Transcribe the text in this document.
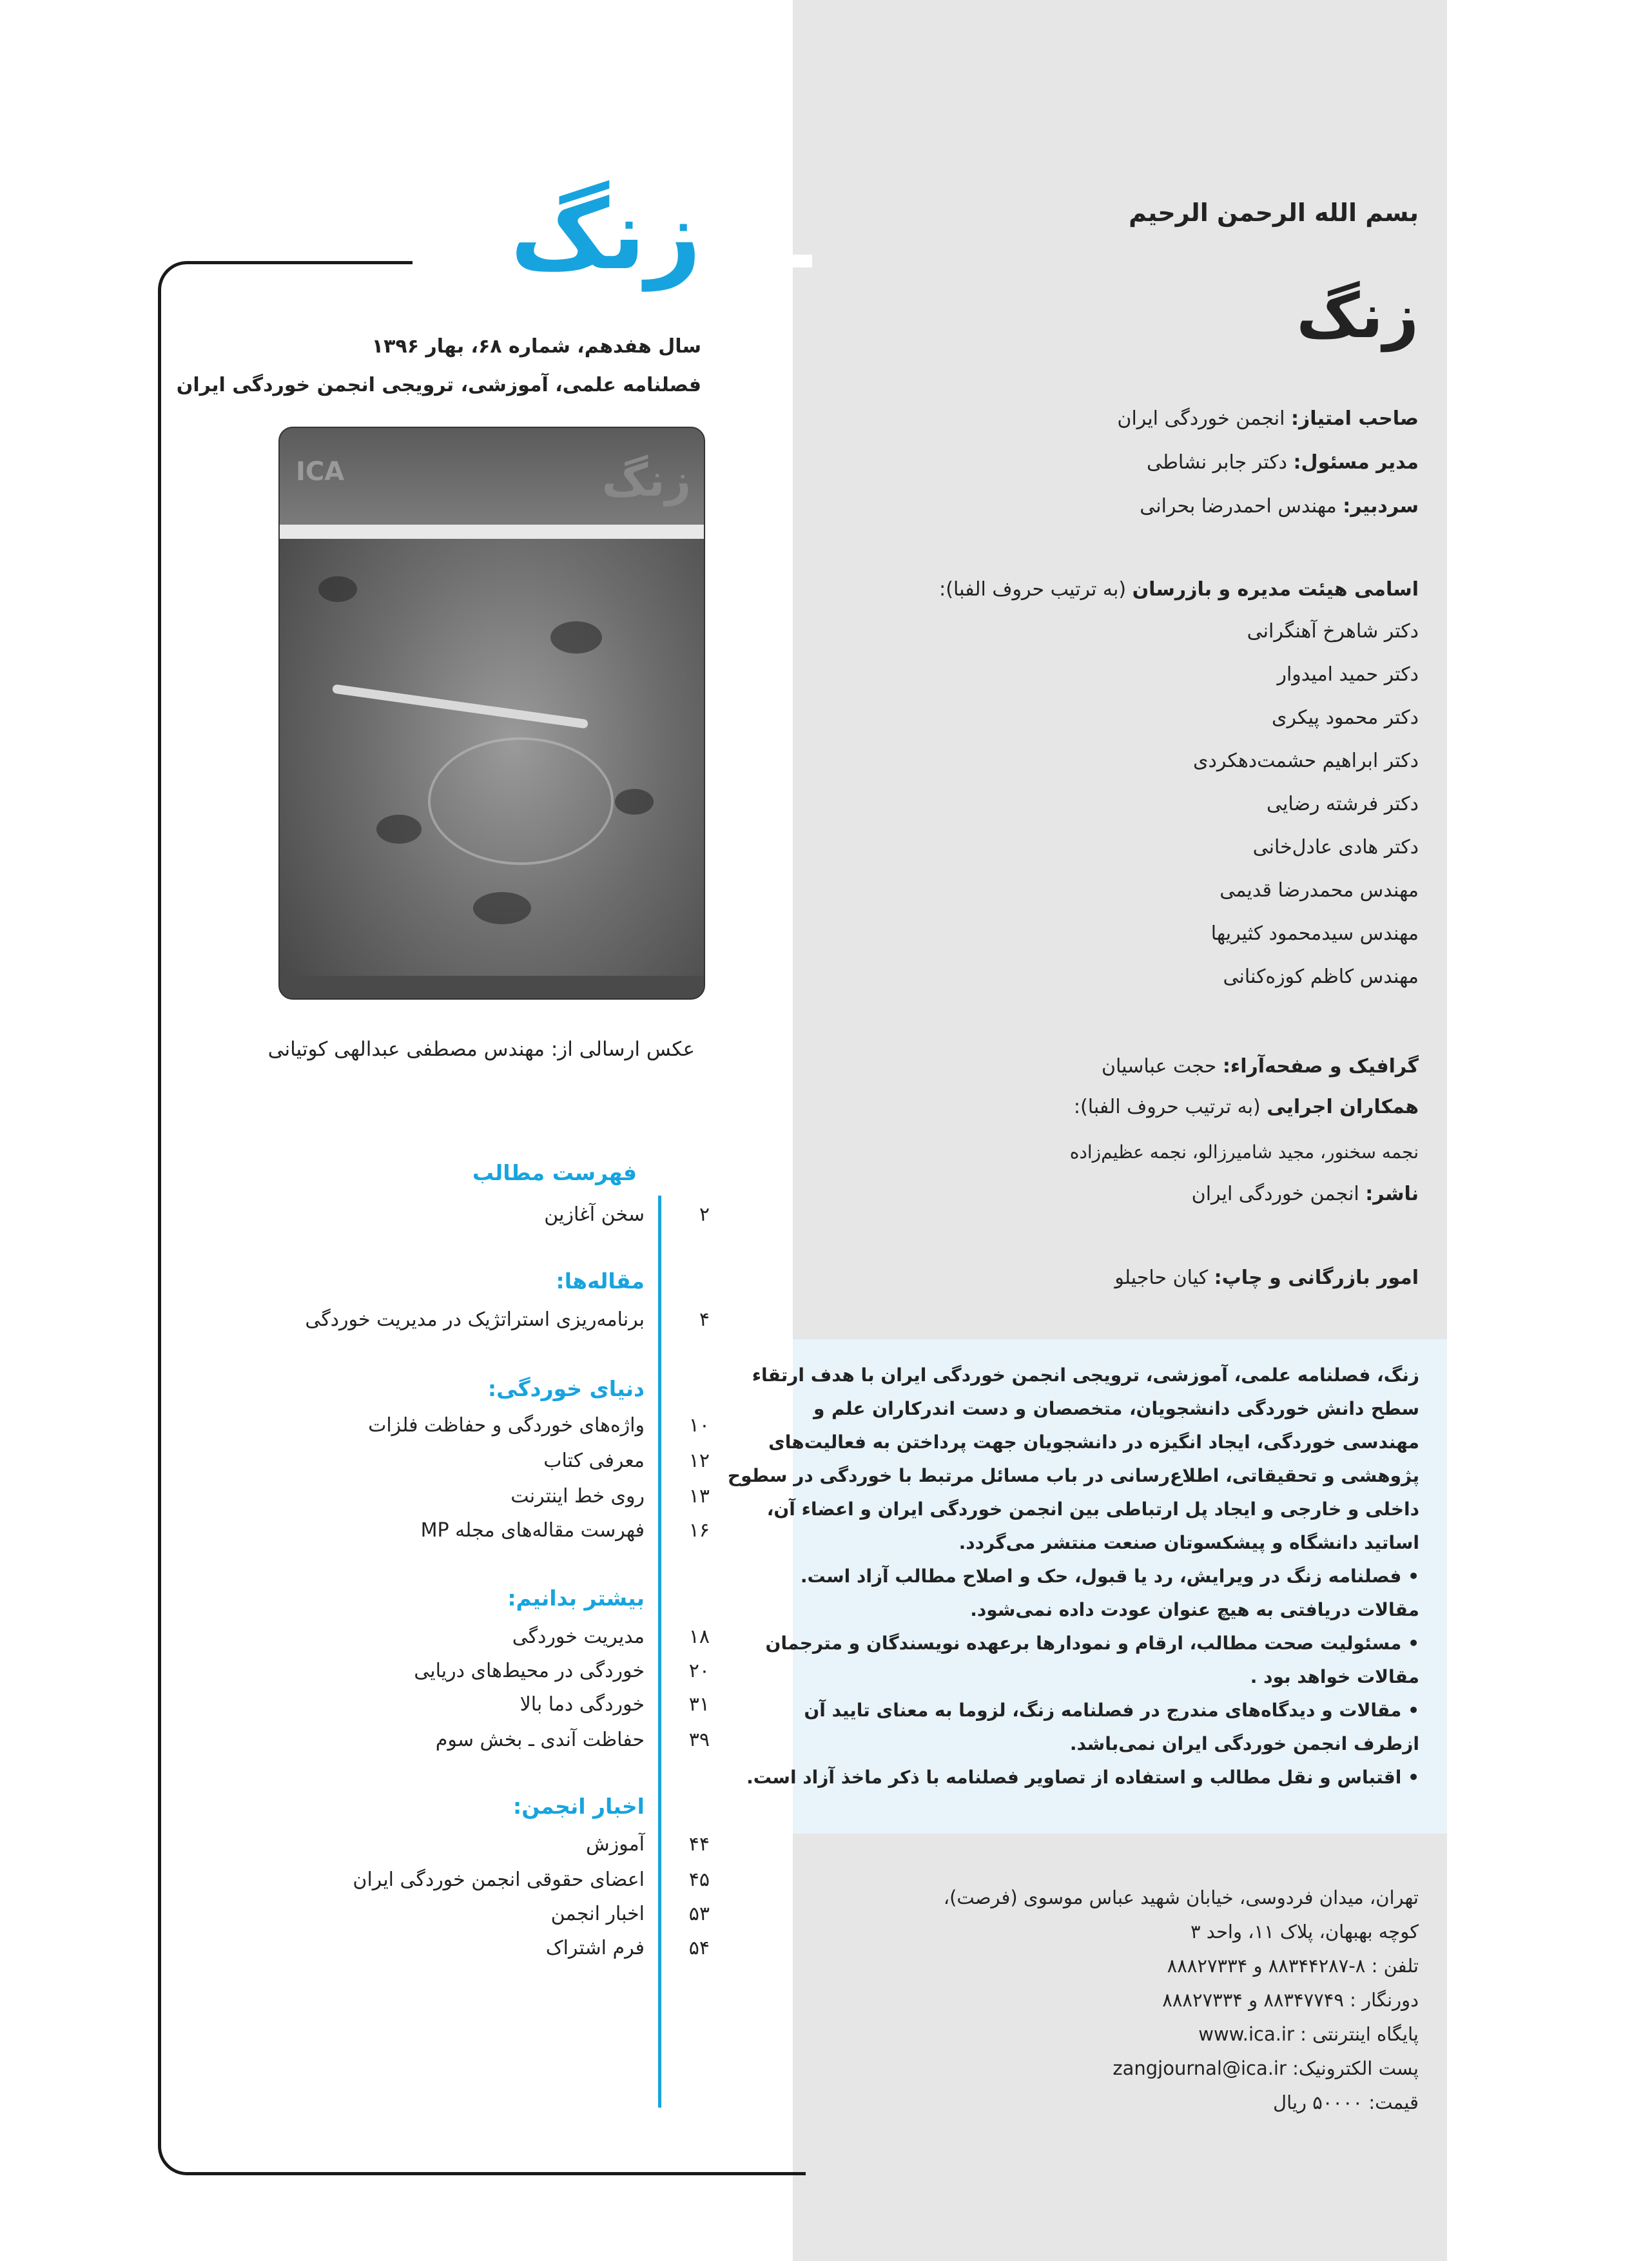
بسم الله الرحمن الرحیم
زنگ
صاحب امتیاز: انجمن خوردگی ایران
مدیر مسئول: دکتر جابر نشاطی
سردبیر: مهندس احمدرضا بحرانی
اسامی هیئت مدیره و بازرسان (به ترتیب حروف الفبا):
دکتر شاهرخ آهنگرانی
دکتر حمید امیدوار
دکتر محمود پیکری
دکتر ابراهیم حشمت‌دهکردی
دکتر فرشته رضایی
دکتر هادی عادل‌خانی
مهندس محمدرضا قدیمی
مهندس سیدمحمود کثیریها
مهندس کاظم کوزه‌کنانی
گرافیک و صفحه‌آراء: حجت عباسیان
همکاران اجرایی (به ترتیب حروف الفبا):
نجمه سخنور، مجید شامیرزالو، نجمه عظیم‌زاده
ناشر: انجمن خوردگی ایران
امور بازرگانی و چاپ: کیان حاجیلو
زنگ، فصلنامه علمی، آموزشی، ترویجی انجمن خوردگی ایران با هدف ارتقاء
سطح دانش خوردگی دانشجویان، متخصصان و دست اندرکاران علم و
مهندسی خوردگی، ایجاد انگیزه در دانشجویان جهت پرداختن به فعالیت‌های
پژوهشی و تحقیقاتی، اطلاع‌رسانی در باب مسائل مرتبط با خوردگی در سطوح
داخلی و خارجی و ایجاد پل ارتباطی بین انجمن خوردگی ایران و اعضاء آن،
اساتید دانشگاه و پیشکسوتان صنعت منتشر می‌گردد.
• فصلنامه زنگ در ویرایش، رد یا قبول، حک و اصلاح مطالب آزاد است.
مقالات دریافتی به هیچ عنوان عودت داده نمی‌شود.
• مسئولیت صحت مطالب، ارقام و نمودارها برعهده نویسندگان و مترجمان
مقالات خواهد بود .
• مقالات و دیدگاه‌های مندرج در فصلنامه زنگ، لزوما به معنای تایید آن
ازطرف انجمن خوردگی ایران نمی‌باشد.
• اقتباس و نقل مطالب و استفاده از تصاویر فصلنامه با ذکر ماخذ آزاد است.
تهران، میدان فردوسی، خیابان شهید عباس موسوی (فرصت)،
کوچه بهبهان، پلاک ۱۱، واحد ۳
تلفن : ۸-۸۸۳۴۴۲۸۷ و ۸۸۸۲۷۳۳۴
دورنگار : ۸۸۳۴۷۷۴۹ و ۸۸۸۲۷۳۳۴
پایگاه اینترنتی : www.ica.ir
پست الکترونیک: zangjournal@ica.ir
قیمت: ۵۰۰۰۰ ریال
زنگ
سال هفدهم، شماره ۶۸، بهار ۱۳۹۶
فصلنامه علمی، آموزشی، ترویجی انجمن خوردگی ایران
زنگ
ICA
عکس ارسالی از: مهندس مصطفی عبدالهی کوتیانی
فهرست مطالب
سخن آغازین	۲
مقاله‌ها:
برنامه‌ریزی استراتژیک در مدیریت خوردگی	۴
دنیای خوردگی:
واژه‌های خوردگی و حفاظت فلزات ۱۰
معرفی کتاب ۱۲
روی خط اینترنت ۱۳
فهرست مقاله‌های مجله MP ۱۶
بیشتر بدانیم:
مدیریت خوردگی ۱۸
خوردگی در محیط‌های دریایی ۲۰
خوردگی دما بالا ۳۱
حفاظت آندی ـ بخش سوم ۳۹
اخبار انجمن:
آموزش ۴۴
اعضای حقوقی انجمن خوردگی ایران ۴۵
اخبار انجمن ۵۳
فرم اشتراک ۵۴
